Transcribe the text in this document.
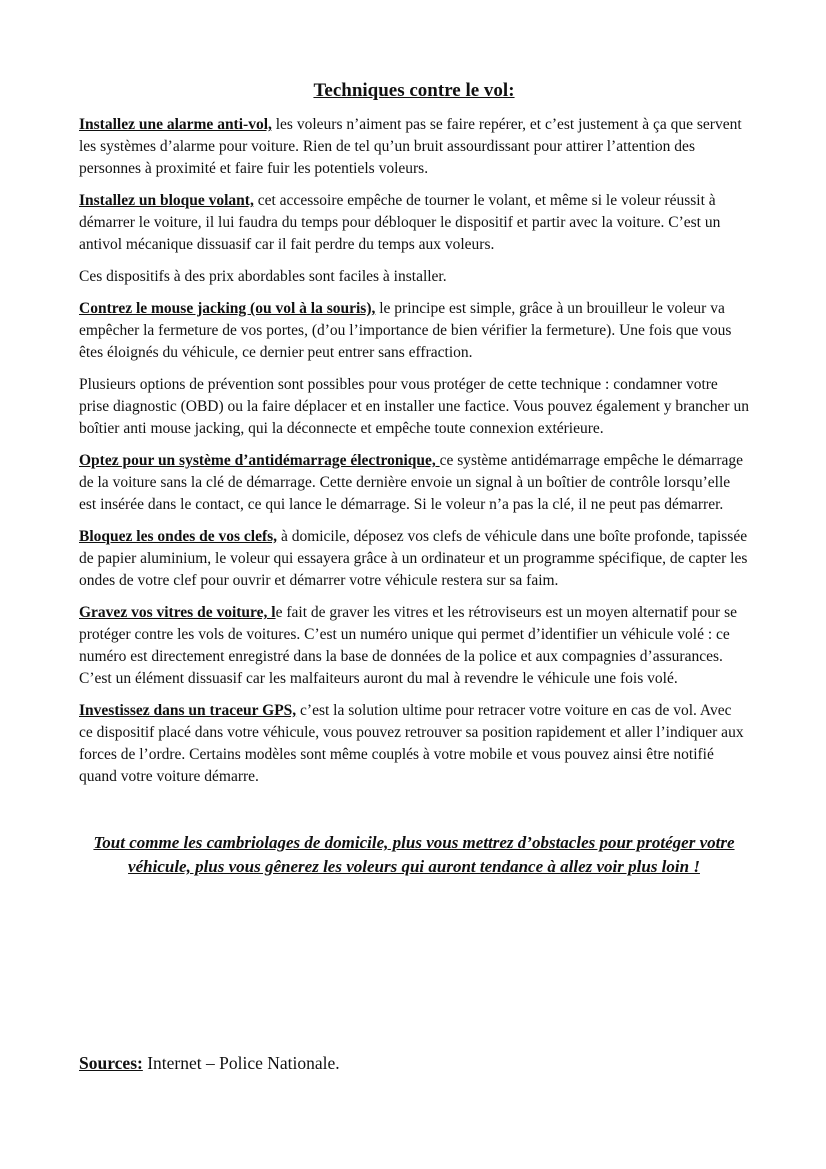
Techniques contre le vol:

Installez une alarme anti-vol, les voleurs n’aiment pas se faire repérer, et c’est justement à ça que servent les systèmes d’alarme pour voiture. Rien de tel qu’un bruit assourdissant pour attirer l’attention des personnes à proximité et faire fuir les potentiels voleurs.

Installez un bloque volant, cet accessoire empêche de tourner le volant, et même si le voleur réussit à démarrer le voiture, il lui faudra du temps pour débloquer le dispositif et partir avec la voiture. C’est un antivol mécanique dissuasif car il fait perdre du temps aux voleurs.

Ces dispositifs à des prix abordables sont faciles à installer.

Contrez le mouse jacking (ou vol à la souris), le principe est simple, grâce à un brouilleur le voleur va empêcher la fermeture de vos portes, (d’ou l’importance de bien vérifier la fermeture). Une fois que vous êtes éloignés du véhicule, ce dernier peut entrer sans effraction.

Plusieurs options de prévention sont possibles pour vous protéger de cette technique : condamner votre prise diagnostic (OBD) ou la faire déplacer et en installer une factice. Vous pouvez également y brancher un boîtier anti mouse jacking, qui la déconnecte et empêche toute connexion extérieure.

Optez pour un système d’antidémarrage électronique, ce système antidémarrage empêche le démarrage de la voiture sans la clé de démarrage. Cette dernière envoie un signal à un boîtier de contrôle lorsqu’elle est insérée dans le contact, ce qui lance le démarrage. Si le voleur n’a pas la clé, il ne peut pas démarrer.

Bloquez les ondes de vos clefs, à domicile, déposez vos clefs de véhicule dans une boîte profonde, tapissée de papier aluminium, le voleur qui essayera grâce à un ordinateur et un programme spécifique, de capter les ondes de votre clef pour ouvrir et démarrer votre véhicule restera sur sa faim.

Gravez vos vitres de voiture, le fait de graver les vitres et les rétroviseurs est un moyen alternatif pour se protéger contre les vols de voitures. C’est un numéro unique qui permet d’identifier un véhicule volé : ce numéro est directement enregistré dans la base de données de la police et aux compagnies d’assurances. C’est un élément dissuasif car les malfaiteurs auront du mal à revendre le véhicule une fois volé.

Investissez dans un traceur GPS, c’est la solution ultime pour retracer votre voiture en cas de vol. Avec ce dispositif placé dans votre véhicule, vous pouvez retrouver sa position rapidement et aller l’indiquer aux forces de l’ordre. Certains modèles sont même couplés à votre mobile et vous pouvez ainsi être notifié quand votre voiture démarre.

Tout comme les cambriolages de domicile, plus vous mettrez d’obstacles pour protéger votre véhicule, plus vous gênerez les voleurs qui auront tendance à allez voir plus loin !
Sources: Internet – Police Nationale.
